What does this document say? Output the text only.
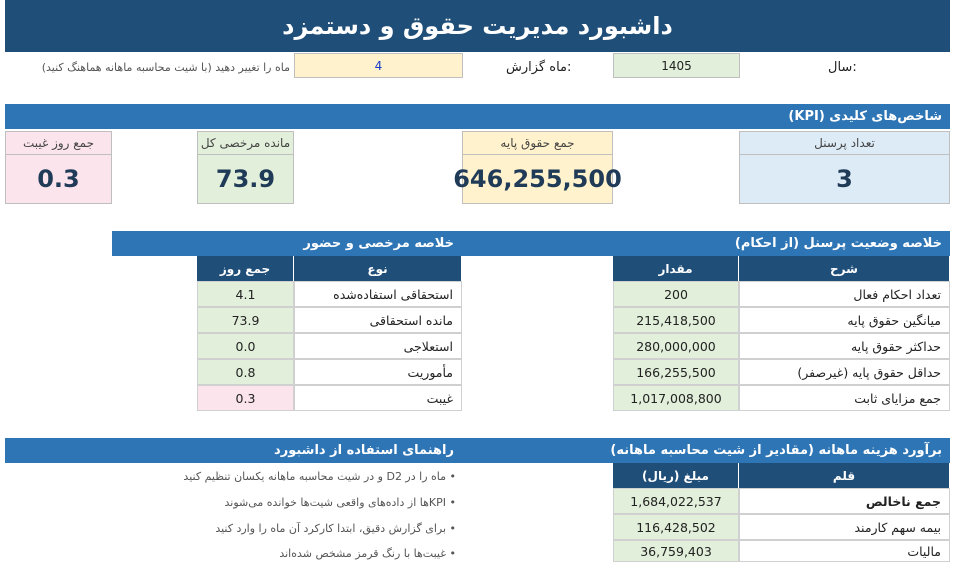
داشبورد مدیریت حقوق و دستمزد
سال:
1405
ماه گزارش:
4
ماه را تغییر دهید (با شیت محاسبه ماهانه هماهنگ کنید)
شاخص‌های کلیدی (KPI)
تعداد پرسنل
3
جمع حقوق پایه
646,255,500
مانده مرخصی کل
73.9
جمع روز غیبت
0.3
خلاصه وضعیت پرسنل (از احکام)
خلاصه مرخصی و حضور
شرح
مقدار
تعداد احکام فعال
200
میانگین حقوق پایه
215,418,500
حداکثر حقوق پایه
280,000,000
حداقل حقوق پایه (غیرصفر)
166,255,500
جمع مزایای ثابت
1,017,008,800
نوع
جمع روز
استحقاقی استفاده‌شده
4.1
مانده استحقاقی
73.9
استعلاجی
0.0
مأموریت
0.8
غیبت
0.3
برآورد هزینه ماهانه (مقادیر از شیت محاسبه ماهانه)
راهنمای استفاده از داشبورد
قلم
مبلغ (ریال)
جمع ناخالص
1,684,022,537
بیمه سهم کارمند
116,428,502
مالیات
36,759,403
• ماه را در D2 و در شیت محاسبه ماهانه یکسان تنظیم کنید
• KPIها از داده‌های واقعی شیت‌ها خوانده می‌شوند
• برای گزارش دقیق، ابتدا کارکرد آن ماه را وارد کنید
• غیبت‌ها با رنگ قرمز مشخص شده‌اند
